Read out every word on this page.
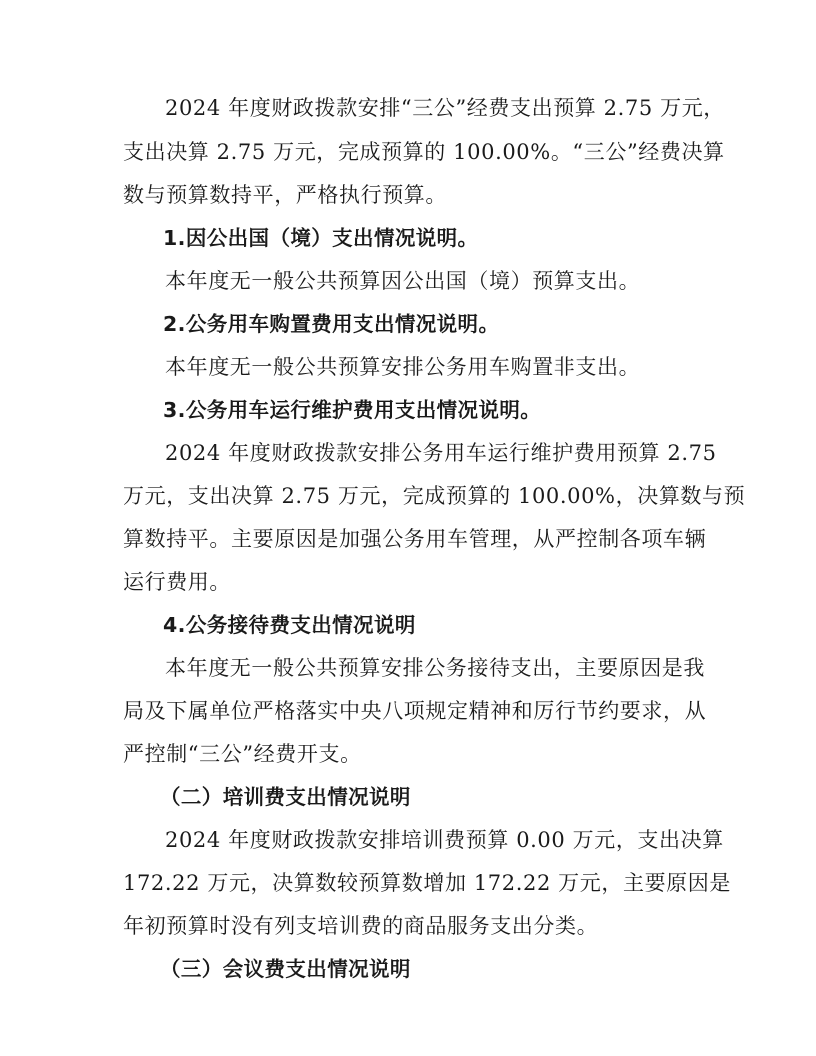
2024 年度财政拨款安排“三公”经费支出预算 2.75 万元，
支出决算 2.75 万元，完成预算的 100.00%。“三公”经费决算
数与预算数持平，严格执行预算。
1.因公出国（境）支出情况说明。
本年度无一般公共预算因公出国（境）预算支出。
2.公务用车购置费用支出情况说明。
本年度无一般公共预算安排公务用车购置非支出。
3.公务用车运行维护费用支出情况说明。
2024 年度财政拨款安排公务用车运行维护费用预算 2.75
万元，支出决算 2.75 万元，完成预算的 100.00%，决算数与预
算数持平。主要原因是加强公务用车管理，从严控制各项车辆
运行费用。
4.公务接待费支出情况说明
本年度无一般公共预算安排公务接待支出，主要原因是我
局及下属单位严格落实中央八项规定精神和厉行节约要求，从
严控制“三公”经费开支。
（二）培训费支出情况说明
2024 年度财政拨款安排培训费预算 0.00 万元，支出决算
172.22 万元，决算数较预算数增加 172.22 万元，主要原因是
年初预算时没有列支培训费的商品服务支出分类。
（三）会议费支出情况说明
